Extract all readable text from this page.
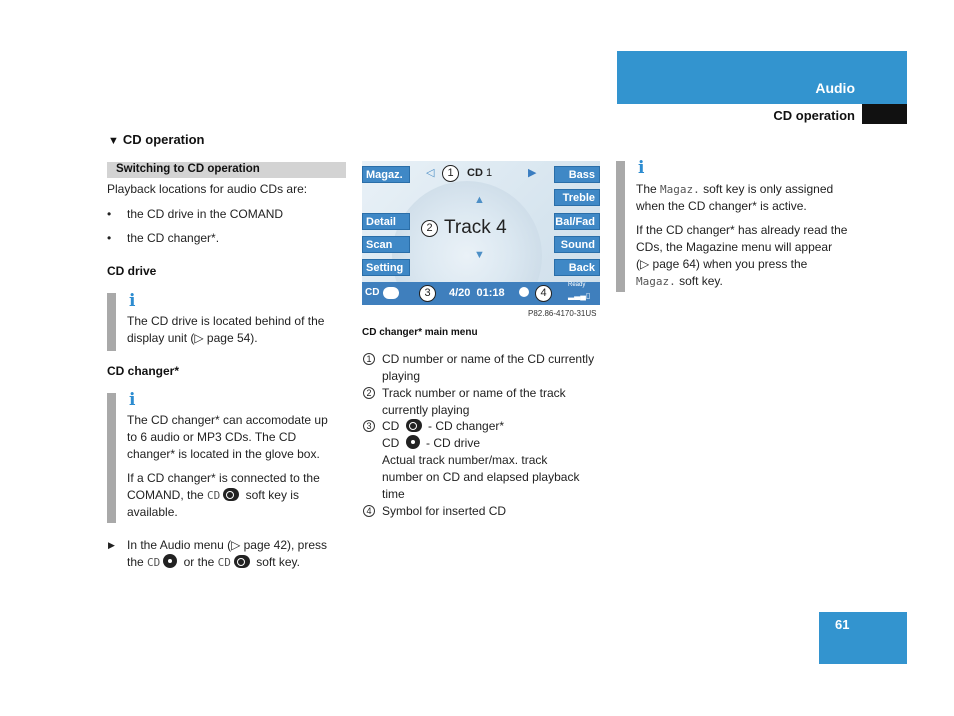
Audio
CD operation
▼ CD operation
Switching to CD operation
Playback locations for audio CDs are:
• the CD drive in the COMAND
• the CD changer*.
CD drive
i
The CD drive is located behind of the
display unit (▷ page 54).
CD changer*
i
The CD changer* can accomodate up
to 6 audio or MP3 CDs. The CD
changer* is located in the glove box.
If a CD changer* is connected to the
COMAND, the CD soft key is
available.
▶ In the Audio menu (▷ page 42), press
the CD or the CD soft key.
Magaz.
Detail
Scan
Setting
Bass
Treble
Bal/Fad
Sound
Back
◁	1	CD 1	▶
▲
2 Track 4
▼
CD	3	4/20  01:18	4
Ready
▂▃▄▯
P82.86-4170-31US
CD changer* main menu
1 CD number or name of the CD currently
playing
2 Track number or name of the track
currently playing
3 CD  - CD changer*
CD  - CD drive
Actual track number/max. track
number on CD and elapsed playback
time
4 Symbol for inserted CD
i
The Magaz. soft key is only assigned
when the CD changer* is active.
If the CD changer* has already read the
CDs, the Magazine menu will appear
(▷ page 64) when you press the
Magaz. soft key.
61
